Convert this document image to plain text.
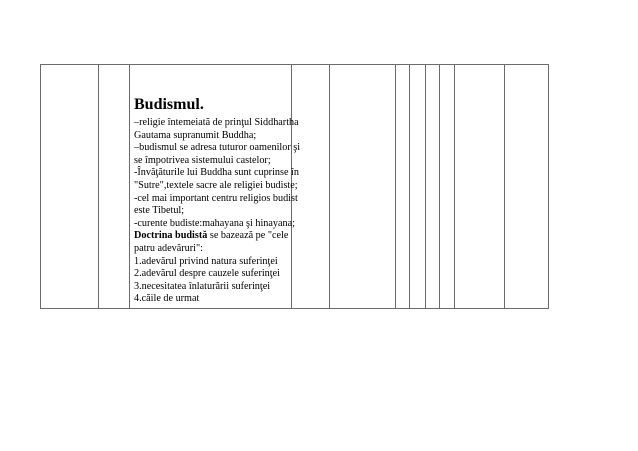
Budismul.
–religie întemeiată de prinţul Siddhartha
Gautama supranumit Buddha;
–budismul se adresa tuturor oamenilor şi
se împotrivea sistemului castelor;
-Învăţăturile lui Buddha sunt cuprinse în
"Sutre",textele sacre ale religiei budiste;
-cel mai important centru religios budist
este Tibetul;
-curente budiste:mahayana şi hinayana;
Doctrina budistă se bazează pe "cele
patru adevăruri":
1.adevărul privind natura suferinţei
2.adevărul despre cauzele suferinţei
3.necesitatea înlaturării suferinţei
4.căile de urmat
